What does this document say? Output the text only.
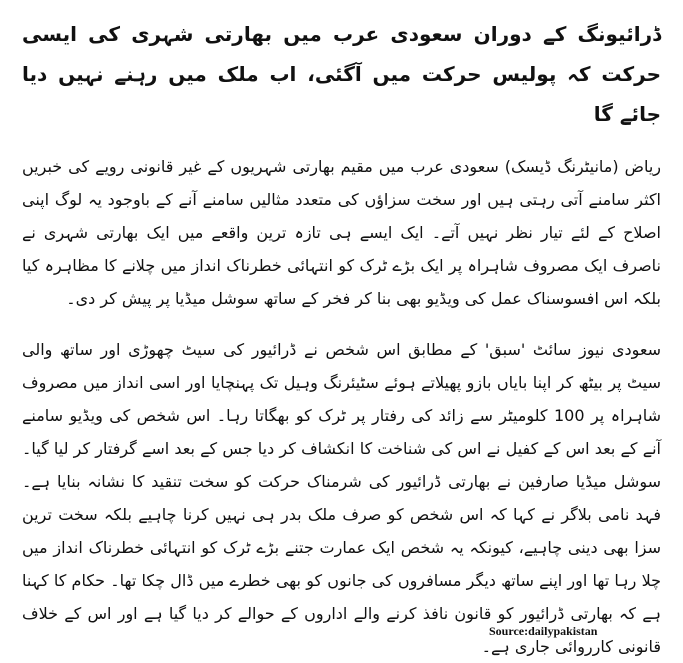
ڈرائیونگ کے دوران سعودی عرب میں بھارتی شہری کی ایسی حرکت کہ پولیس حرکت میں آگئی، اب ملک میں رہنے نہیں دیا جائے گا

ریاض (مانیٹرنگ ڈیسک) سعودی عرب میں مقیم بھارتی شہریوں کے غیر قانونی رویے کی خبریں اکثر سامنے آتی رہتی ہیں اور سخت سزاؤں کی متعدد مثالیں سامنے آنے کے باوجود یہ لوگ اپنی اصلاح کے لئے تیار نظر نہیں آتے۔ ایک ایسے ہی تازہ ترین واقعے میں ایک بھارتی شہری نے ناصرف ایک مصروف شاہراہ پر ایک بڑے ٹرک کو انتہائی خطرناک انداز میں چلانے کا مظاہرہ کیا بلکہ اس افسوسناک عمل کی ویڈیو بھی بنا کر فخر کے ساتھ سوشل میڈیا پر پیش کر دی۔

سعودی نیوز سائٹ 'سبق' کے مطابق اس شخص نے ڈرائیور کی سیٹ چھوڑی اور ساتھ والی سیٹ پر بیٹھ کر اپنا بایاں بازو پھیلاتے ہوئے سٹیئرنگ وہیل تک پہنچایا اور اسی انداز میں مصروف شاہراہ پر 100 کلومیٹر سے زائد کی رفتار پر ٹرک کو بھگاتا رہا۔ اس شخص کی ویڈیو سامنے آنے کے بعد اس کے کفیل نے اس کی شناخت کا انکشاف کر دیا جس کے بعد اسے گرفتار کر لیا گیا۔ سوشل میڈیا صارفین نے بھارتی ڈرائیور کی شرمناک حرکت کو سخت تنقید کا نشانہ بنایا ہے۔ فہد نامی بلاگر نے کہا کہ اس شخص کو صرف ملک بدر ہی نہیں کرنا چاہیے بلکہ سخت ترین سزا بھی دینی چاہیے، کیونکہ یہ شخص ایک عمارت جتنے بڑے ٹرک کو انتہائی خطرناک انداز میں چلا رہا تھا اور اپنے ساتھ دیگر مسافروں کی جانوں کو بھی خطرے میں ڈال چکا تھا۔ حکام کا کہنا ہے کہ بھارتی ڈرائیور کو قانون نافذ کرنے والے اداروں کے حوالے کر دیا گیا ہے اور اس کے خلاف قانونی کارروائی جاری ہے۔

Source:dailypakistan
